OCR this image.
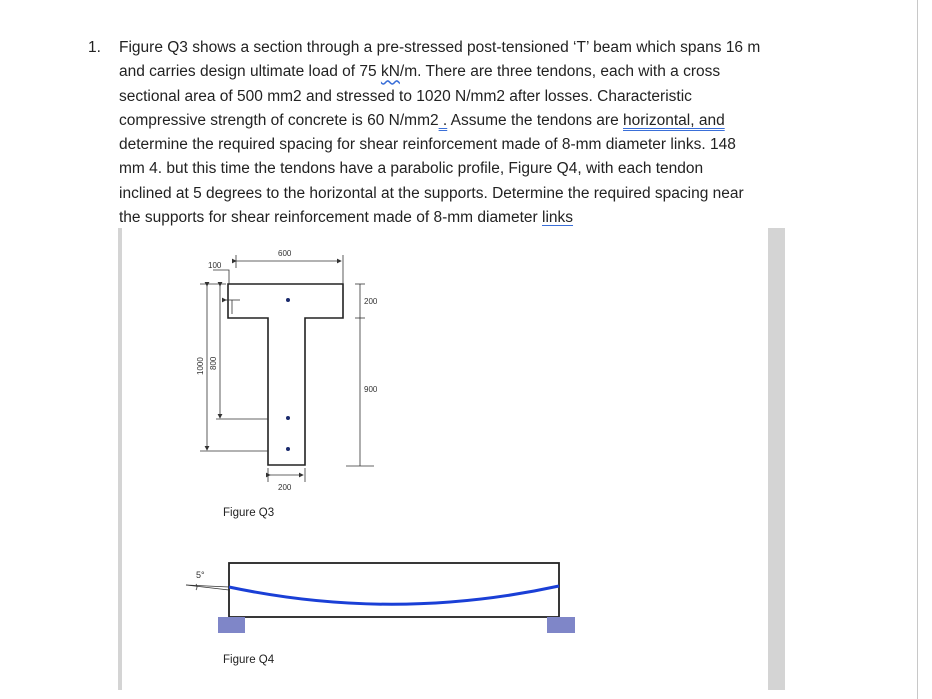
1. Figure Q3 shows a section through a pre-stressed post-tensioned ‘T’ beam which spans 16 m
and carries design ultimate load of 75 kN/m. There are three tendons, each with a cross
sectional area of 500 mm2 and stressed to 1020 N/mm2 after losses. Characteristic
compressive strength of concrete is 60 N/mm2 . Assume the tendons are horizontal, and
determine the required spacing for shear reinforcement made of 8-mm diameter links. 148
mm 4. but this time the tendons have a parabolic profile, Figure Q4, with each tendon
inclined at 5 degrees to the horizontal at the supports. Determine the required spacing near
the supports for shear reinforcement made of 8-mm diameter links
600
100
200
900
200
1000 800
5°
Figure Q3
Figure Q4
